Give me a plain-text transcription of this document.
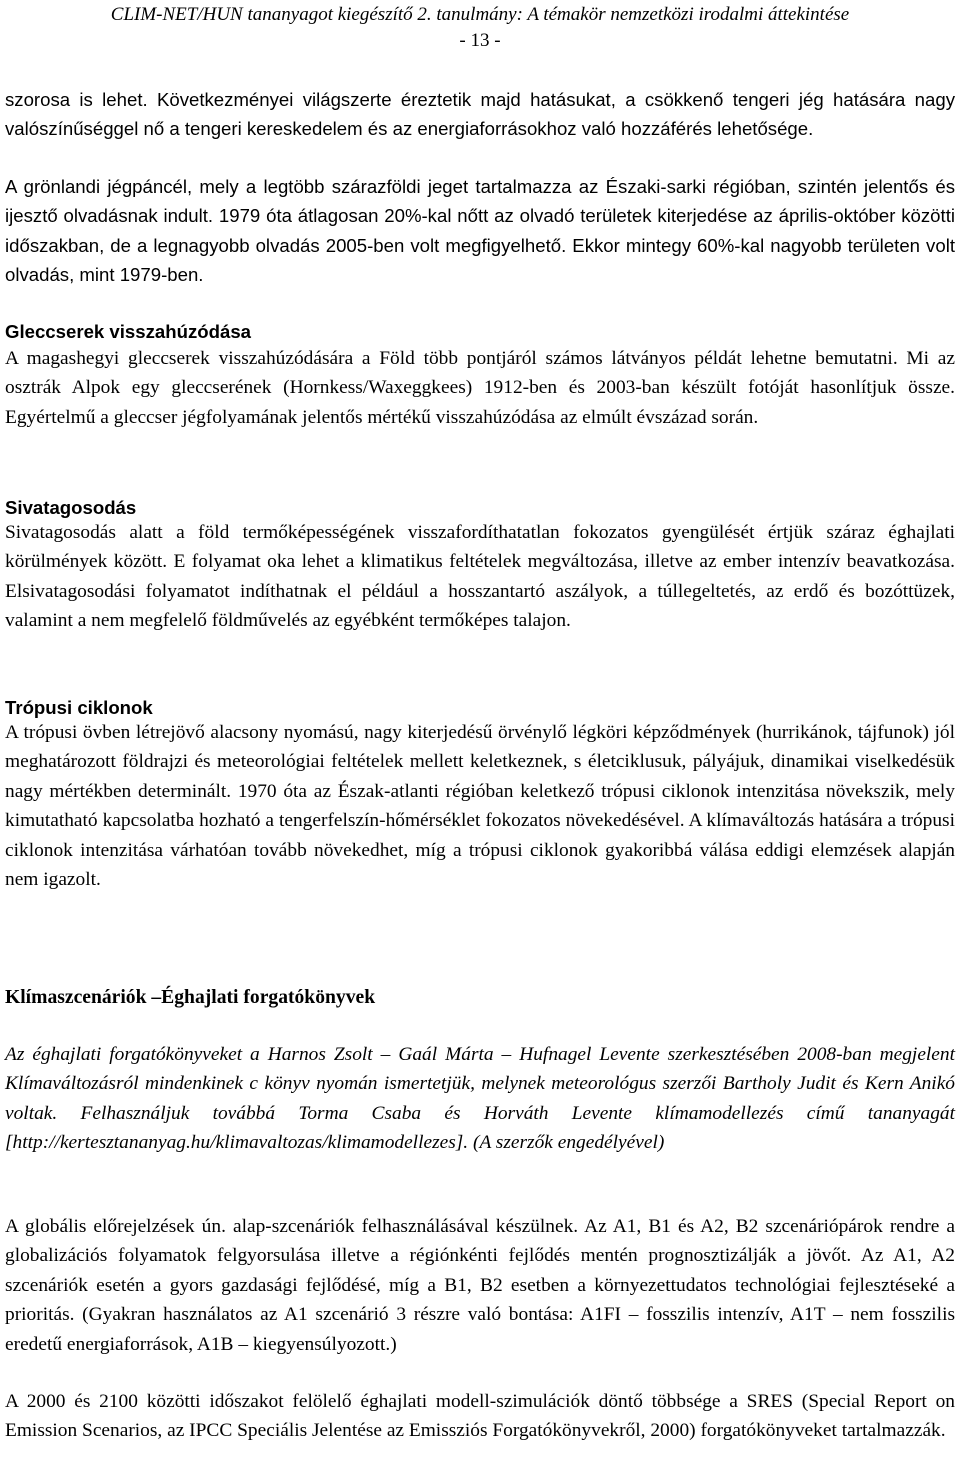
CLIM-NET/HUN tananyagot kiegészítő 2. tanulmány: A témakör nemzetközi irodalmi áttekintése
- 13 -

szorosa is lehet. Következményei világszerte éreztetik majd hatásukat, a csökkenő tengeri jég hatására nagy valószínűséggel nő a tengeri kereskedelem és az energiaforrásokhoz való hozzáférés lehetősége.

A grönlandi jégpáncél, mely a legtöbb szárazföldi jeget tartalmazza az Északi-sarki régióban, szintén jelentős és ijesztő olvadásnak indult. 1979 óta átlagosan 20%-kal nőtt az olvadó területek kiterjedése az április-október közötti időszakban, de a legnagyobb olvadás 2005-ben volt megfigyelhető. Ekkor mintegy 60%-kal nagyobb területen volt olvadás, mint 1979-ben.

Gleccserek visszahúzódása

A magashegyi gleccserek visszahúzódására a Föld több pontjáról számos látványos példát lehetne bemutatni. Mi az osztrák Alpok egy gleccserének (Hornkess/Waxeggkees) 1912-ben és 2003-ban készült fotóját hasonlítjuk össze. Egyértelmű a gleccser jégfolyamának jelentős mértékű visszahúzódása az elmúlt évszázad során.

Sivatagosodás

Sivatagosodás alatt a föld termőképességének visszafordíthatatlan fokozatos gyengülését értjük száraz éghajlati körülmények között. E folyamat oka lehet a klimatikus feltételek megváltozása, illetve az ember intenzív beavatkozása. Elsivatagosodási folyamatot indíthatnak el például a hosszantartó aszályok, a túllegeltetés, az erdő és bozóttüzek, valamint a nem megfelelő földművelés az egyébként termőképes talajon.

Trópusi ciklonok

A trópusi övben létrejövő alacsony nyomású, nagy kiterjedésű örvénylő légköri képződmények (hurrikánok, tájfunok) jól meghatározott földrajzi és meteorológiai feltételek mellett keletkeznek, s életciklusuk, pályájuk, dinamikai viselkedésük nagy mértékben determinált. 1970 óta az Észak-atlanti régióban keletkező trópusi ciklonok intenzitása növekszik, mely kimutatható kapcsolatba hozható a tengerfelszín-hőmérséklet fokozatos növekedésével. A klímaváltozás hatására a trópusi ciklonok intenzitása várhatóan tovább növekedhet, míg a trópusi ciklonok gyakoribbá válása eddigi elemzések alapján nem igazolt.

Klímaszcenáriók –Éghajlati forgatókönyvek

Az éghajlati forgatókönyveket a Harnos Zsolt – Gaál Márta – Hufnagel Levente szerkesztésében 2008-ban megjelent Klímaváltozásról mindenkinek c könyv nyomán ismertetjük, melynek meteorológus szerzői Bartholy Judit és Kern Anikó voltak. Felhasználjuk továbbá Torma Csaba és Horváth Levente klímamodellezés című tananyagát [http://kertesztananyag.hu/klimavaltozas/klimamodellezes]. (A szerzők engedélyével)

A globális előrejelzések ún. alap-szcenáriók felhasználásával készülnek. Az A1, B1 és A2, B2 szcenáriópárok rendre a globalizációs folyamatok felgyorsulása illetve a régiónkénti fejlődés mentén prognosztizálják a jövőt. Az A1, A2 szcenáriók esetén a gyors gazdasági fejlődésé, míg a B1, B2 esetben a környezettudatos technológiai fejlesztéseké a prioritás. (Gyakran használatos az A1 szcenárió 3 részre való bontása: A1FI – fosszilis intenzív, A1T – nem fosszilis eredetű energiaforrások, A1B – kiegyensúlyozott.)

A 2000 és 2100 közötti időszakot felölelő éghajlati modell-szimulációk döntő többsége a SRES (Special Report on Emission Scenarios, az IPCC Speciális Jelentése az Emissziós Forgatókönyvekről, 2000) forgatókönyveket tartalmazzák.
